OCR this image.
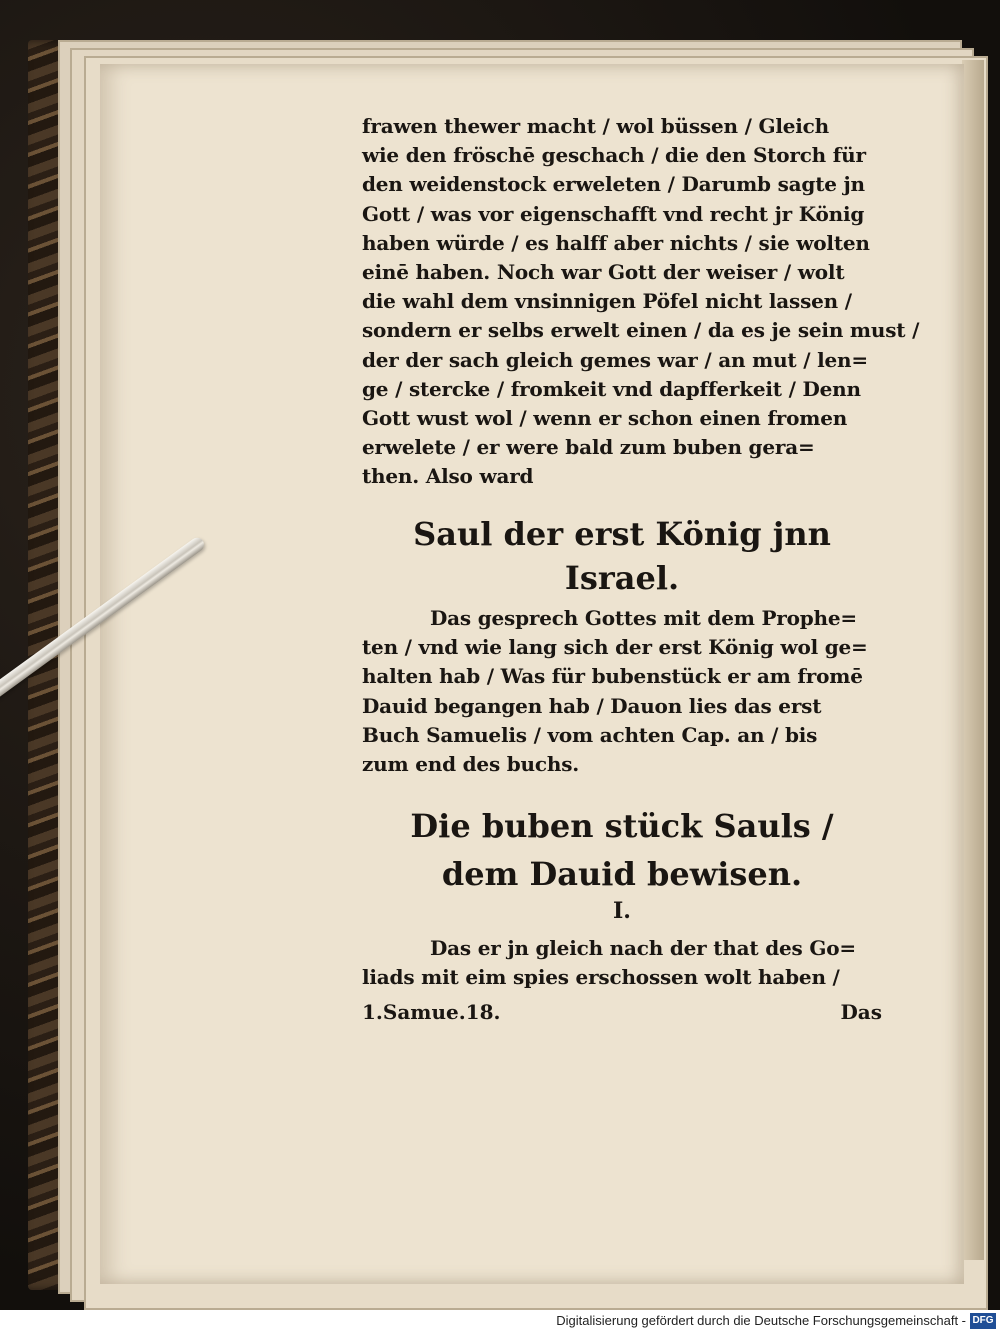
frawen thewer macht / wol büssen / Gleich
wie den fröschē geschach / die den Storch für
den weidenstock erweleten / Darumb sagte jn
Gott / was vor eigenschafft vnd recht jr König
haben würde / es halff aber nichts / sie wolten
einē haben. Noch war Gott der weiser / wolt
die wahl dem vnsinnigen Pöfel nicht lassen /
sondern er selbs erwelt einen / da es je sein must /
der der sach gleich gemes war / an mut / len=
ge / stercke / fromkeit vnd dapfferkeit / Denn
Gott wust wol / wenn er schon einen fromen
erwelete / er were bald zum buben gera=
then. Also ward
Saul der erst König jnn
Israel.
Das gesprech Gottes mit dem Prophe=
ten / vnd wie lang sich der erst König wol ge=
halten hab / Was für bubenstück er am fromē
Dauid begangen hab / Dauon lies das erst
Buch Samuelis / vom achten Cap. an / bis
zum end des buchs.
Die buben stück Sauls /
dem Dauid bewisen.
I.
Das er jn gleich nach der that des Go=
liads mit eim spies erschossen wolt haben /
1.Samue.18.	Das
Digitalisierung gefördert durch die Deutsche Forschungsgemeinschaft - DFG
